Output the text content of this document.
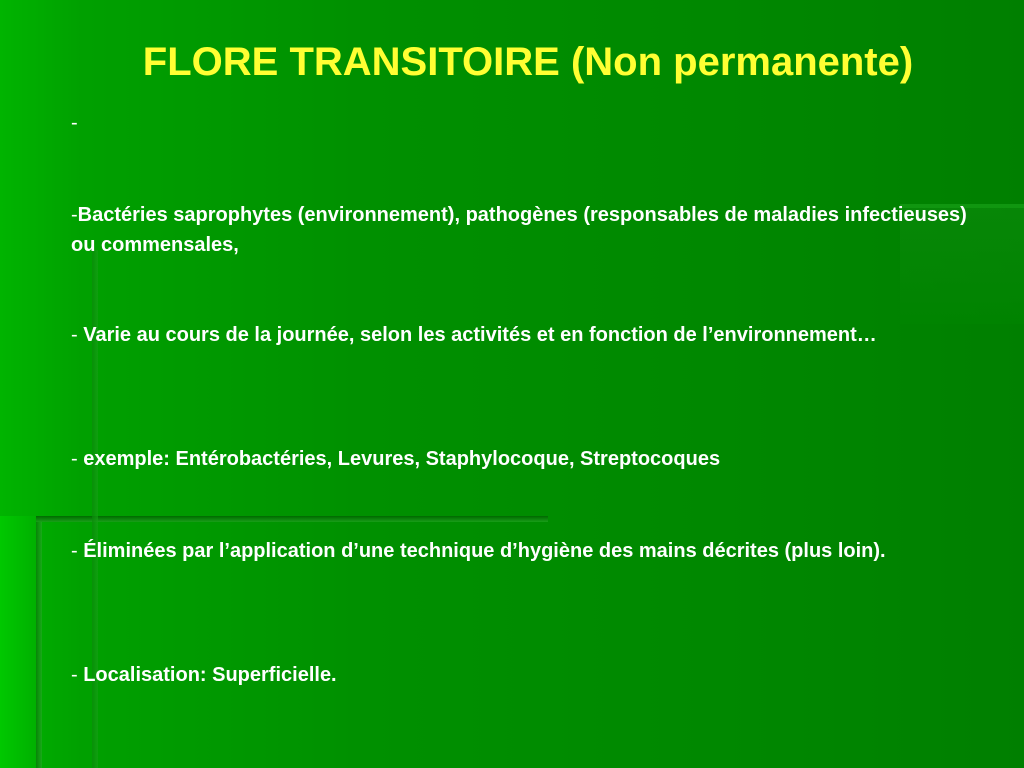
FLORE TRANSITOIRE (Non permanente)
-
-Bactéries saprophytes (environnement), pathogènes (responsables de maladies infectieuses) ou commensales,
- Varie au cours de la journée, selon les activités et en fonction de l’environnement…
- exemple: Entérobactéries, Levures, Staphylocoque, Streptocoques
- Éliminées par l’application d’une technique d’hygiène des mains décrites (plus loin).
- Localisation: Superficielle.
